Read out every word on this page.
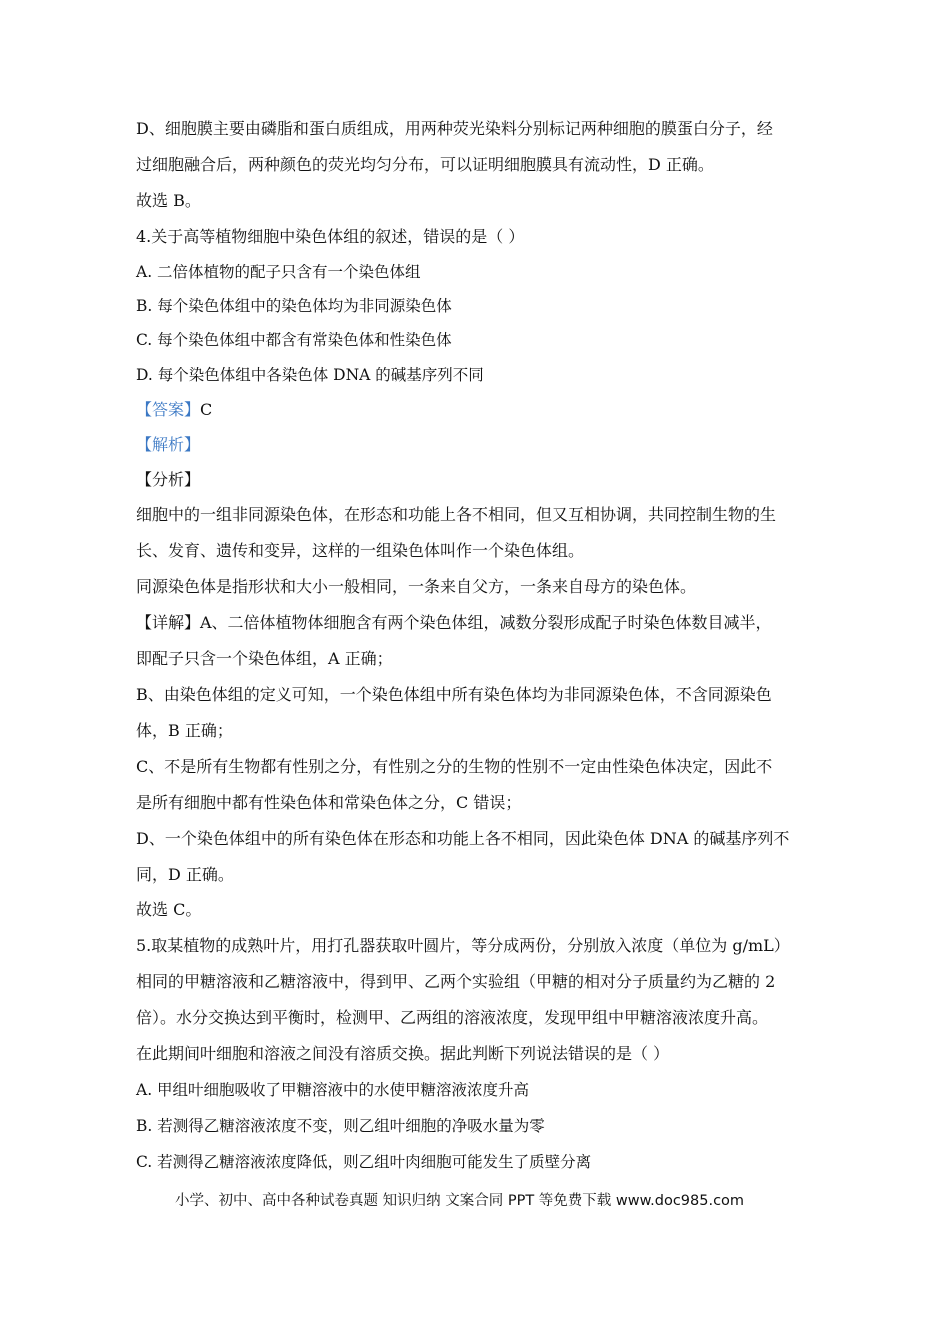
D、细胞膜主要由磷脂和蛋白质组成，用两种荧光染料分别标记两种细胞的膜蛋白分子，经
过细胞融合后，两种颜色的荧光均匀分布，可以证明细胞膜具有流动性，D 正确。
故选 B。
4.关于高等植物细胞中染色体组的叙述，错误的是（ ）
A. 二倍体植物的配子只含有一个染色体组
B. 每个染色体组中的染色体均为非同源染色体
C. 每个染色体组中都含有常染色体和性染色体
D. 每个染色体组中各染色体 DNA 的碱基序列不同
【答案】C
【解析】
【分析】
细胞中的一组非同源染色体，在形态和功能上各不相同，但又互相协调，共同控制生物的生
长、发育、遗传和变异，这样的一组染色体叫作一个染色体组。
同源染色体是指形状和大小一般相同，一条来自父方，一条来自母方的染色体。
【详解】A、二倍体植物体细胞含有两个染色体组，减数分裂形成配子时染色体数目减半，
即配子只含一个染色体组，A 正确；
B、由染色体组的定义可知，一个染色体组中所有染色体均为非同源染色体，不含同源染色
体，B 正确；
C、不是所有生物都有性别之分，有性别之分的生物的性别不一定由性染色体决定，因此不
是所有细胞中都有性染色体和常染色体之分，C 错误；
D、一个染色体组中的所有染色体在形态和功能上各不相同，因此染色体 DNA 的碱基序列不
同，D 正确。
故选 C。
5.取某植物的成熟叶片，用打孔器获取叶圆片，等分成两份，分别放入浓度（单位为 g/mL）
相同的甲糖溶液和乙糖溶液中，得到甲、乙两个实验组（甲糖的相对分子质量约为乙糖的 2
倍）。水分交换达到平衡时，检测甲、乙两组的溶液浓度，发现甲组中甲糖溶液浓度升高。
在此期间叶细胞和溶液之间没有溶质交换。据此判断下列说法错误的是（ ）
A. 甲组叶细胞吸收了甲糖溶液中的水使甲糖溶液浓度升高
B. 若测得乙糖溶液浓度不变，则乙组叶细胞的净吸水量为零
C. 若测得乙糖溶液浓度降低，则乙组叶肉细胞可能发生了质壁分离
小学、初中、高中各种试卷真题 知识归纳 文案合同 PPT 等免费下载 www.doc985.com
